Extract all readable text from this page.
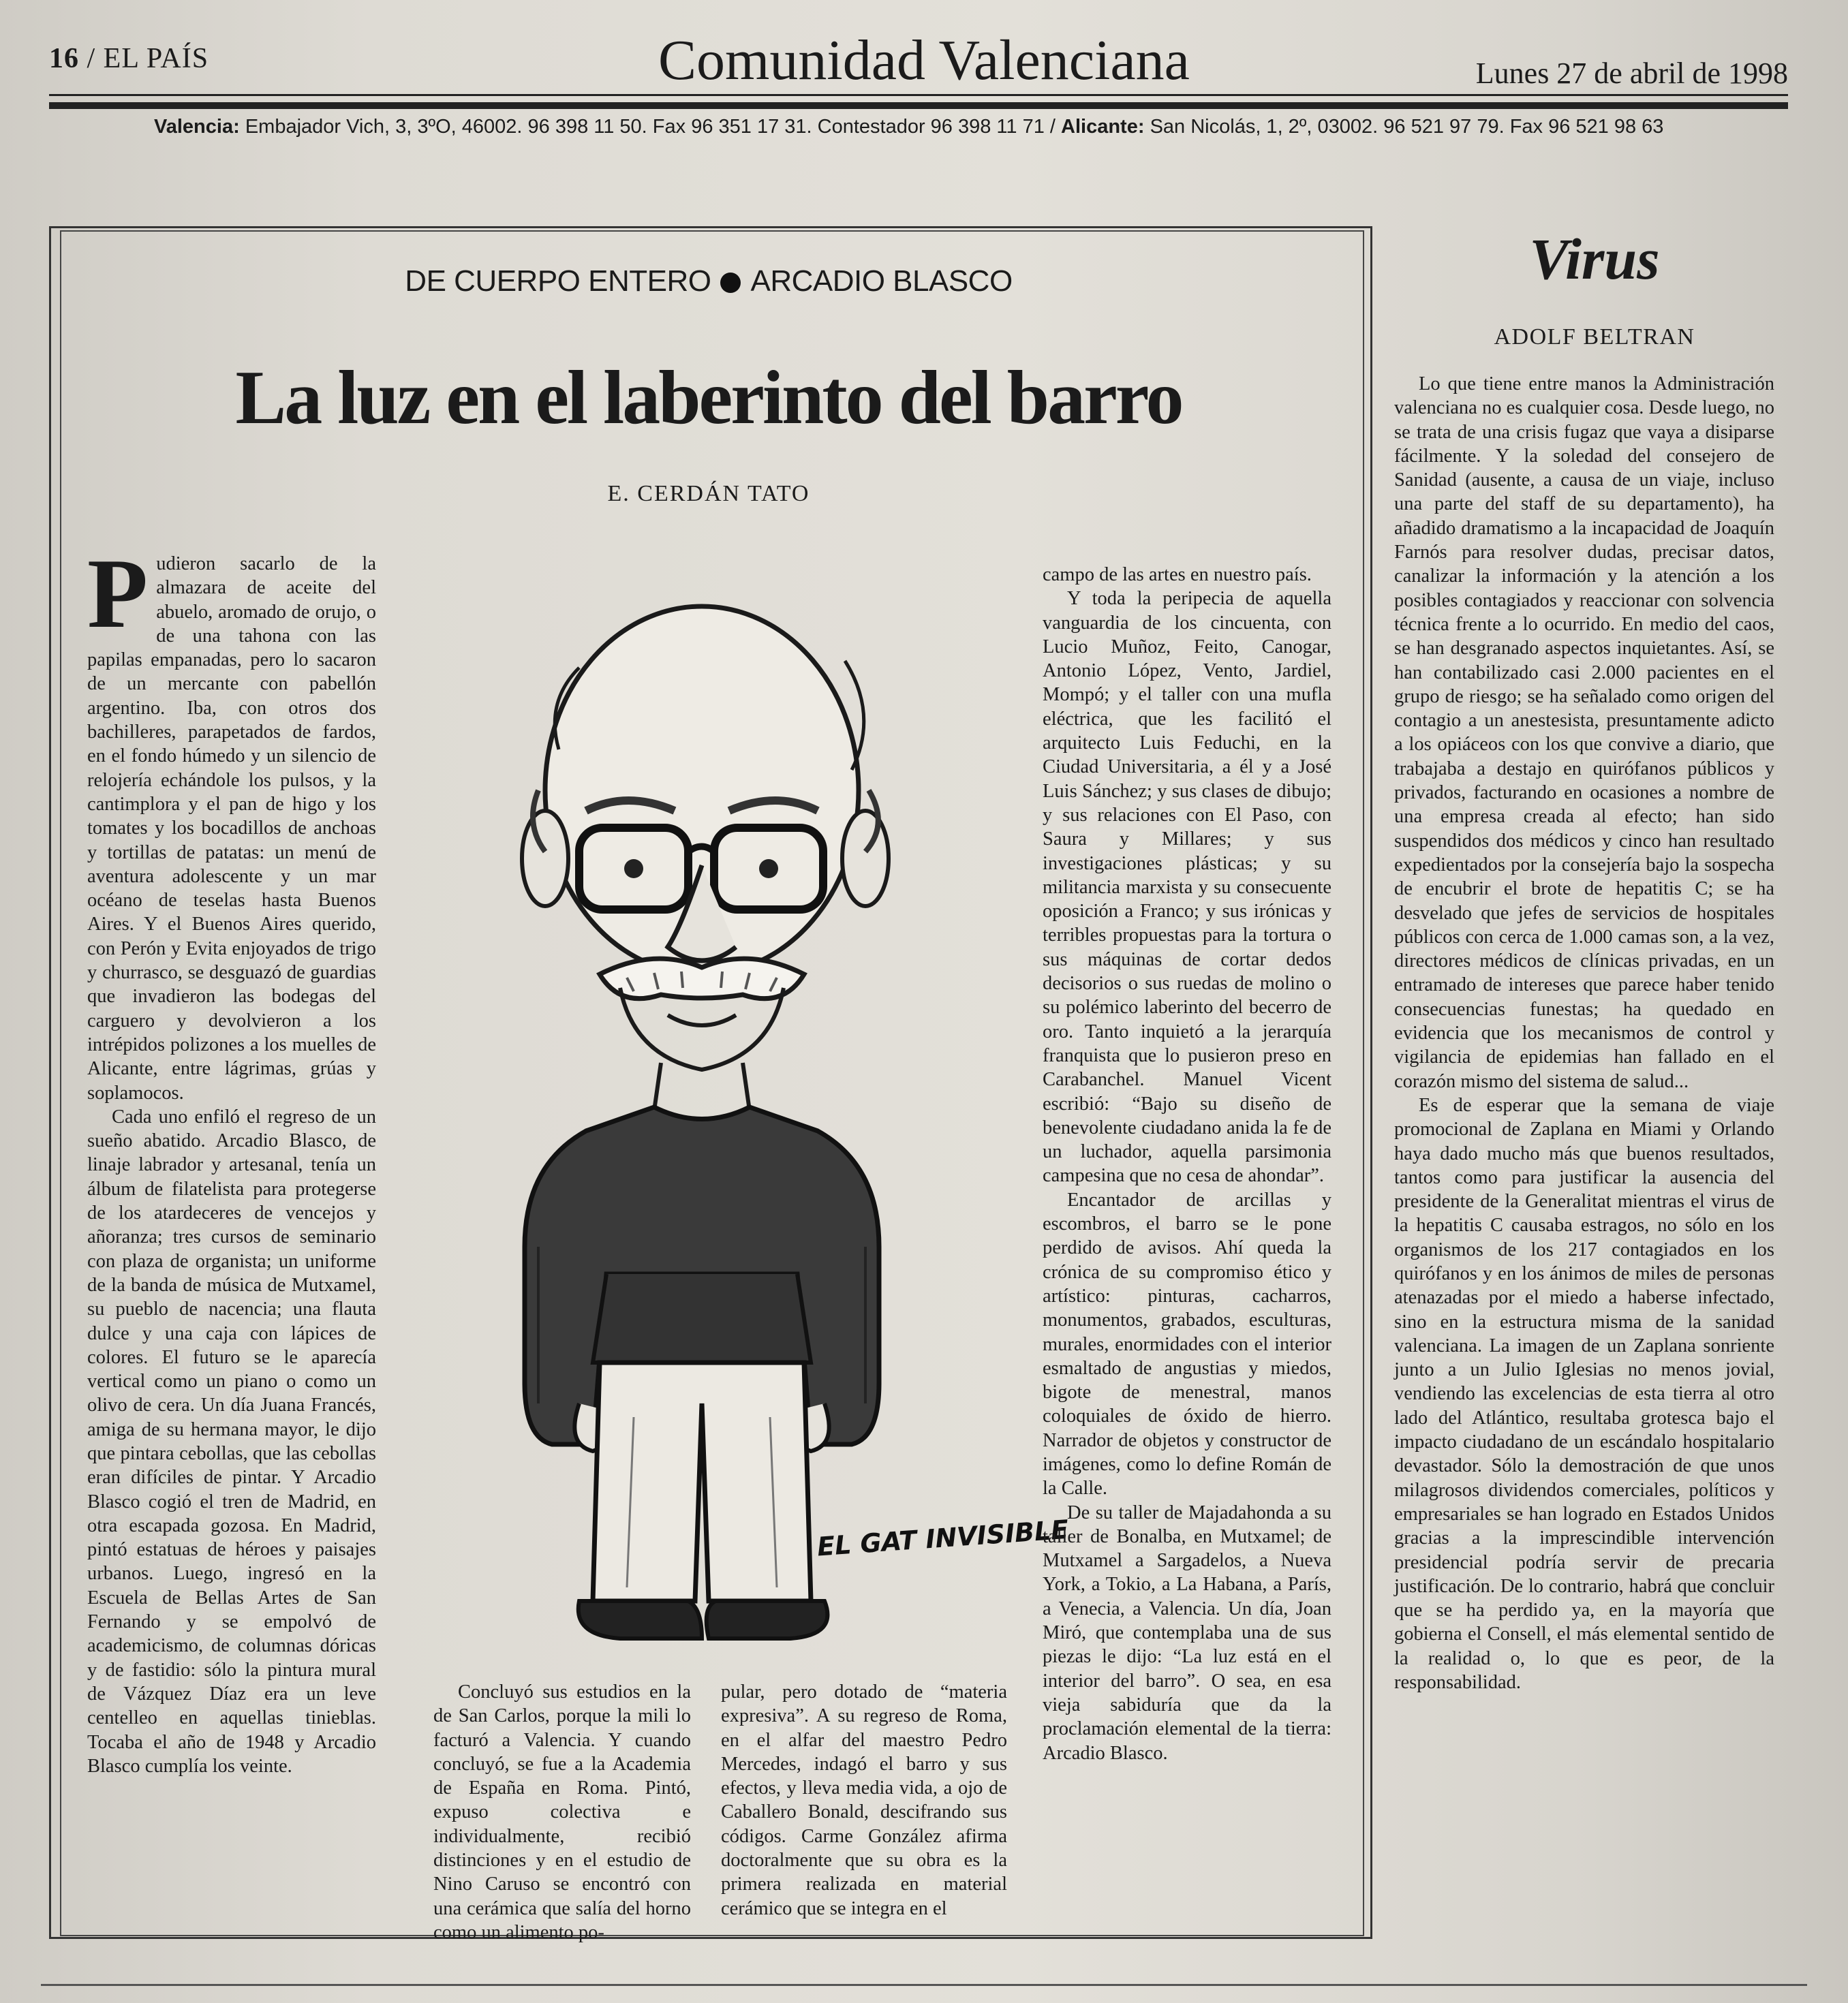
16 / EL PAÍS	Comunidad Valenciana	Lunes 27 de abril de 1998
Valencia: Embajador Vich, 3, 3ºO, 46002. 96 398 11 50. Fax 96 351 17 31. Contestador 96 398 11 71 / Alicante: San Nicolás, 1, 2º, 03002. 96 521 97 79. Fax 96 521 98 63
DE CUERPO ENTERO ARCADIO BLASCO
La luz en el laberinto del barro
E. CERDÁN TATO

Pudieron sacarlo de la almazara de aceite del abuelo, aromado de orujo, o de una tahona con las papilas empanadas, pero lo sacaron de un mercante con pabellón argentino. Iba, con otros dos bachilleres, parapetados de fardos, en el fondo húmedo y un silencio de relojería echándole los pulsos, y la cantimplora y el pan de higo y los tomates y los bocadillos de anchoas y tortillas de patatas: un menú de aventura adolescente y un mar océano de teselas hasta Buenos Aires. Y el Buenos Aires querido, con Perón y Evita enjoyados de trigo y churrasco, se desguazó de guardias que invadieron las bodegas del carguero y devolvieron a los intrépidos polizones a los muelles de Alicante, entre lágrimas, grúas y soplamocos.

Cada uno enfiló el regreso de un sueño abatido. Arcadio Blasco, de linaje labrador y artesanal, tenía un álbum de filatelista para protegerse de los atardeceres de vencejos y añoranza; tres cursos de seminario con plaza de organista; un uniforme de la banda de música de Mutxamel, su pueblo de nacencia; una flauta dulce y una caja con lápices de colores. El futuro se le aparecía vertical como un piano o como un olivo de cera. Un día Juana Francés, amiga de su hermana mayor, le dijo que pintara cebollas, que las cebollas eran difíciles de pintar. Y Arcadio Blasco cogió el tren de Madrid, en otra escapada gozosa. En Madrid, pintó estatuas de héroes y paisajes urbanos. Luego, ingresó en la Escuela de Bellas Artes de San Fernando y se empolvó de academicismo, de columnas dóricas y de fastidio: sólo la pintura mural de Vázquez Díaz era un leve centelleo en aquellas tinieblas. Tocaba el año de 1948 y Arcadio Blasco cumplía los veinte.

EL GAT INVISIBLE

Concluyó sus estudios en la de San Carlos, porque la mili lo facturó a Valencia. Y cuando concluyó, se fue a la Academia de España en Roma. Pintó, expuso colectiva e individualmente, recibió distinciones y en el estudio de Nino Caruso se encontró con una cerámica que salía del horno como un alimento po-

pular, pero dotado de “materia expresiva”. A su regreso de Roma, en el alfar del maestro Pedro Mercedes, indagó el barro y sus efectos, y lleva media vida, a ojo de Caballero Bonald, descifrando sus códigos. Carme González afirma doctoralmente que su obra es la primera realizada en material cerámico que se integra en el

campo de las artes en nuestro país.

Y toda la peripecia de aquella vanguardia de los cincuenta, con Lucio Muñoz, Feito, Canogar, Antonio López, Vento, Jardiel, Mompó; y el taller con una mufla eléctrica, que les facilitó el arquitecto Luis Feduchi, en la Ciudad Universitaria, a él y a José Luis Sánchez; y sus clases de dibujo; y sus relaciones con El Paso, con Saura y Millares; y sus investigaciones plásticas; y su militancia marxista y su consecuente oposición a Franco; y sus irónicas y terribles propuestas para la tortura o sus máquinas de cortar dedos decisorios o sus ruedas de molino o su polémico laberinto del becerro de oro. Tanto inquietó a la jerarquía franquista que lo pusieron preso en Carabanchel. Manuel Vicent escribió: “Bajo su diseño de benevolente ciudadano anida la fe de un luchador, aquella parsimonia campesina que no cesa de ahondar”.

Encantador de arcillas y escombros, el barro se le pone perdido de avisos. Ahí queda la crónica de su compromiso ético y artístico: pinturas, cacharros, monumentos, grabados, esculturas, murales, enormidades con el interior esmaltado de angustias y miedos, bigote de menestral, manos coloquiales de óxido de hierro. Narrador de objetos y constructor de imágenes, como lo define Román de la Calle.

De su taller de Majadahonda a su taller de Bonalba, en Mutxamel; de Mutxamel a Sargadelos, a Nueva York, a Tokio, a La Habana, a París, a Venecia, a Valencia. Un día, Joan Miró, que contemplaba una de sus piezas le dijo: “La luz está en el interior del barro”. O sea, en esa vieja sabiduría que da la proclamación elemental de la tierra: Arcadio Blasco.

Virus
ADOLF BELTRAN

Lo que tiene entre manos la Administración valenciana no es cualquier cosa. Desde luego, no se trata de una crisis fugaz que vaya a disiparse fácilmente. Y la soledad del consejero de Sanidad (ausente, a causa de un viaje, incluso una parte del staff de su departamento), ha añadido dramatismo a la incapacidad de Joaquín Farnós para resolver dudas, precisar datos, canalizar la información y la atención a los posibles contagiados y reaccionar con solvencia técnica frente a lo ocurrido. En medio del caos, se han desgranado aspectos inquietantes. Así, se han contabilizado casi 2.000 pacientes en el grupo de riesgo; se ha señalado como origen del contagio a un anestesista, presuntamente adicto a los opiáceos con los que convive a diario, que trabajaba a destajo en quirófanos públicos y privados, facturando en ocasiones a nombre de una empresa creada al efecto; han sido suspendidos dos médicos y cinco han resultado expedientados por la consejería bajo la sospecha de encubrir el brote de hepatitis C; se ha desvelado que jefes de servicios de hospitales públicos con cerca de 1.000 camas son, a la vez, directores médicos de clínicas privadas, en un entramado de intereses que parece haber tenido consecuencias funestas; ha quedado en evidencia que los mecanismos de control y vigilancia de epidemias han fallado en el corazón mismo del sistema de salud...

Es de esperar que la semana de viaje promocional de Zaplana en Miami y Orlando haya dado mucho más que buenos resultados, tantos como para justificar la ausencia del presidente de la Generalitat mientras el virus de la hepatitis C causaba estragos, no sólo en los organismos de los 217 contagiados en los quirófanos y en los ánimos de miles de personas atenazadas por el miedo a haberse infectado, sino en la estructura misma de la sanidad valenciana. La imagen de un Zaplana sonriente junto a un Julio Iglesias no menos jovial, vendiendo las excelencias de esta tierra al otro lado del Atlántico, resultaba grotesca bajo el impacto ciudadano de un escándalo hospitalario devastador. Sólo la demostración de que unos milagrosos dividendos comerciales, políticos y empresariales se han logrado en Estados Unidos gracias a la imprescindible intervención presidencial podría servir de precaria justificación. De lo contrario, habrá que concluir que se ha perdido ya, en la mayoría que gobierna el Consell, el más elemental sentido de la realidad o, lo que es peor, de la responsabilidad.
